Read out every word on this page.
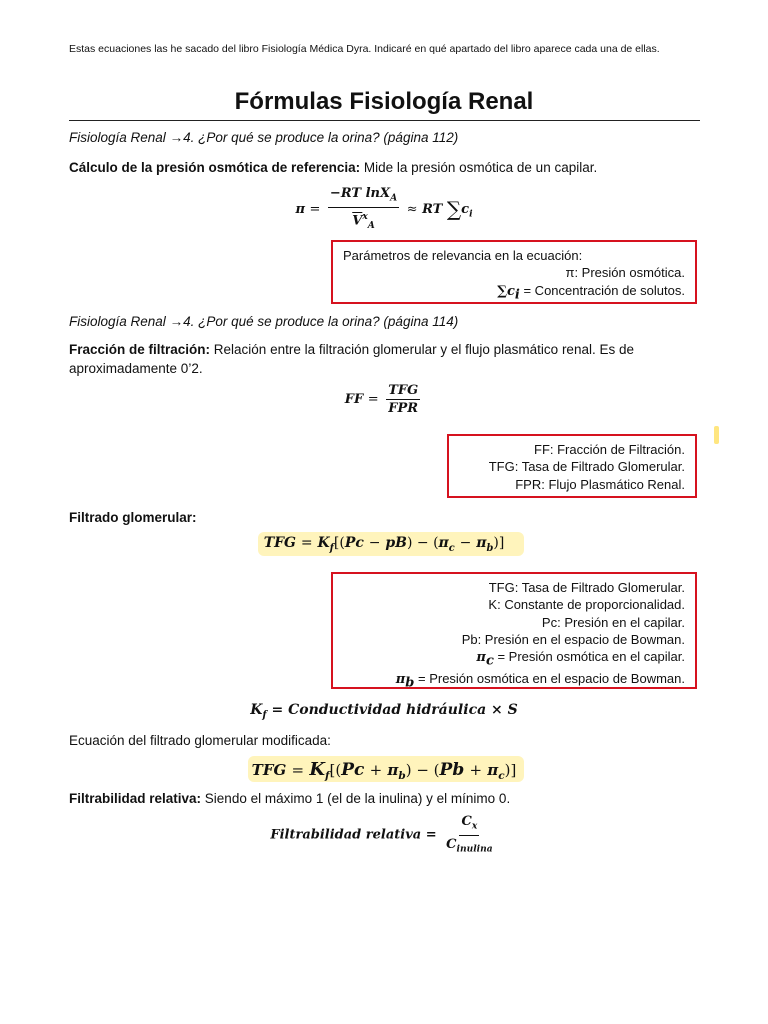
Estas ecuaciones las he sacado del libro Fisiología Médica Dyra. Indicaré en qué apartado del libro aparece cada una de ellas.
Fórmulas Fisiología Renal
Fisiología Renal →4. ¿Por qué se produce la orina? (página 112)
Cálculo de la presión osmótica de referencia: Mide la presión osmótica de un capilar.
$\pi = \frac{-RT \ln X_A}{\overline{V}^x_A}$ ≈ RT $\sum c_i$
Parámetros de relevancia en la ecuación:
π: Presión osmótica.
$\sum c_i$ = Concentración de solutos.
Fisiología Renal →4. ¿Por qué se produce la orina? (página 114)
Fracción de filtración: Relación entre la filtración glomerular y el flujo plasmático renal. Es de aproximadamente 0’2.
FF = $\frac{\text{TFG}}{\text{FPR}}$
FF: Fracción de Filtración.
TFG: Tasa de Filtrado Glomerular.
FPR: Flujo Plasmático Renal.
Filtrado glomerular:
TFG = $K_f[(Pc - pB) - (\pi_c - \pi_b)]$
TFG: Tasa de Filtrado Glomerular.
K: Constante de proporcionalidad.
Pc: Presión en el capilar.
Pb: Presión en el espacio de Bowman.
$\pi_c$ = Presión osmótica en el capilar.
$\pi_b$ = Presión osmótica en el espacio de Bowman.
$K_f$ = Conductividad hidráulica × S
Ecuación del filtrado glomerular modificada:
TFG = $K_f[(Pc + \pi_b) - (Pb + \pi_c)]$
Filtrabilidad relativa: Siendo el máximo 1 (el de la inulina) y el mínimo 0.
Filtrabilidad relativa = $\frac{C_x}{C_{inulina}}$
